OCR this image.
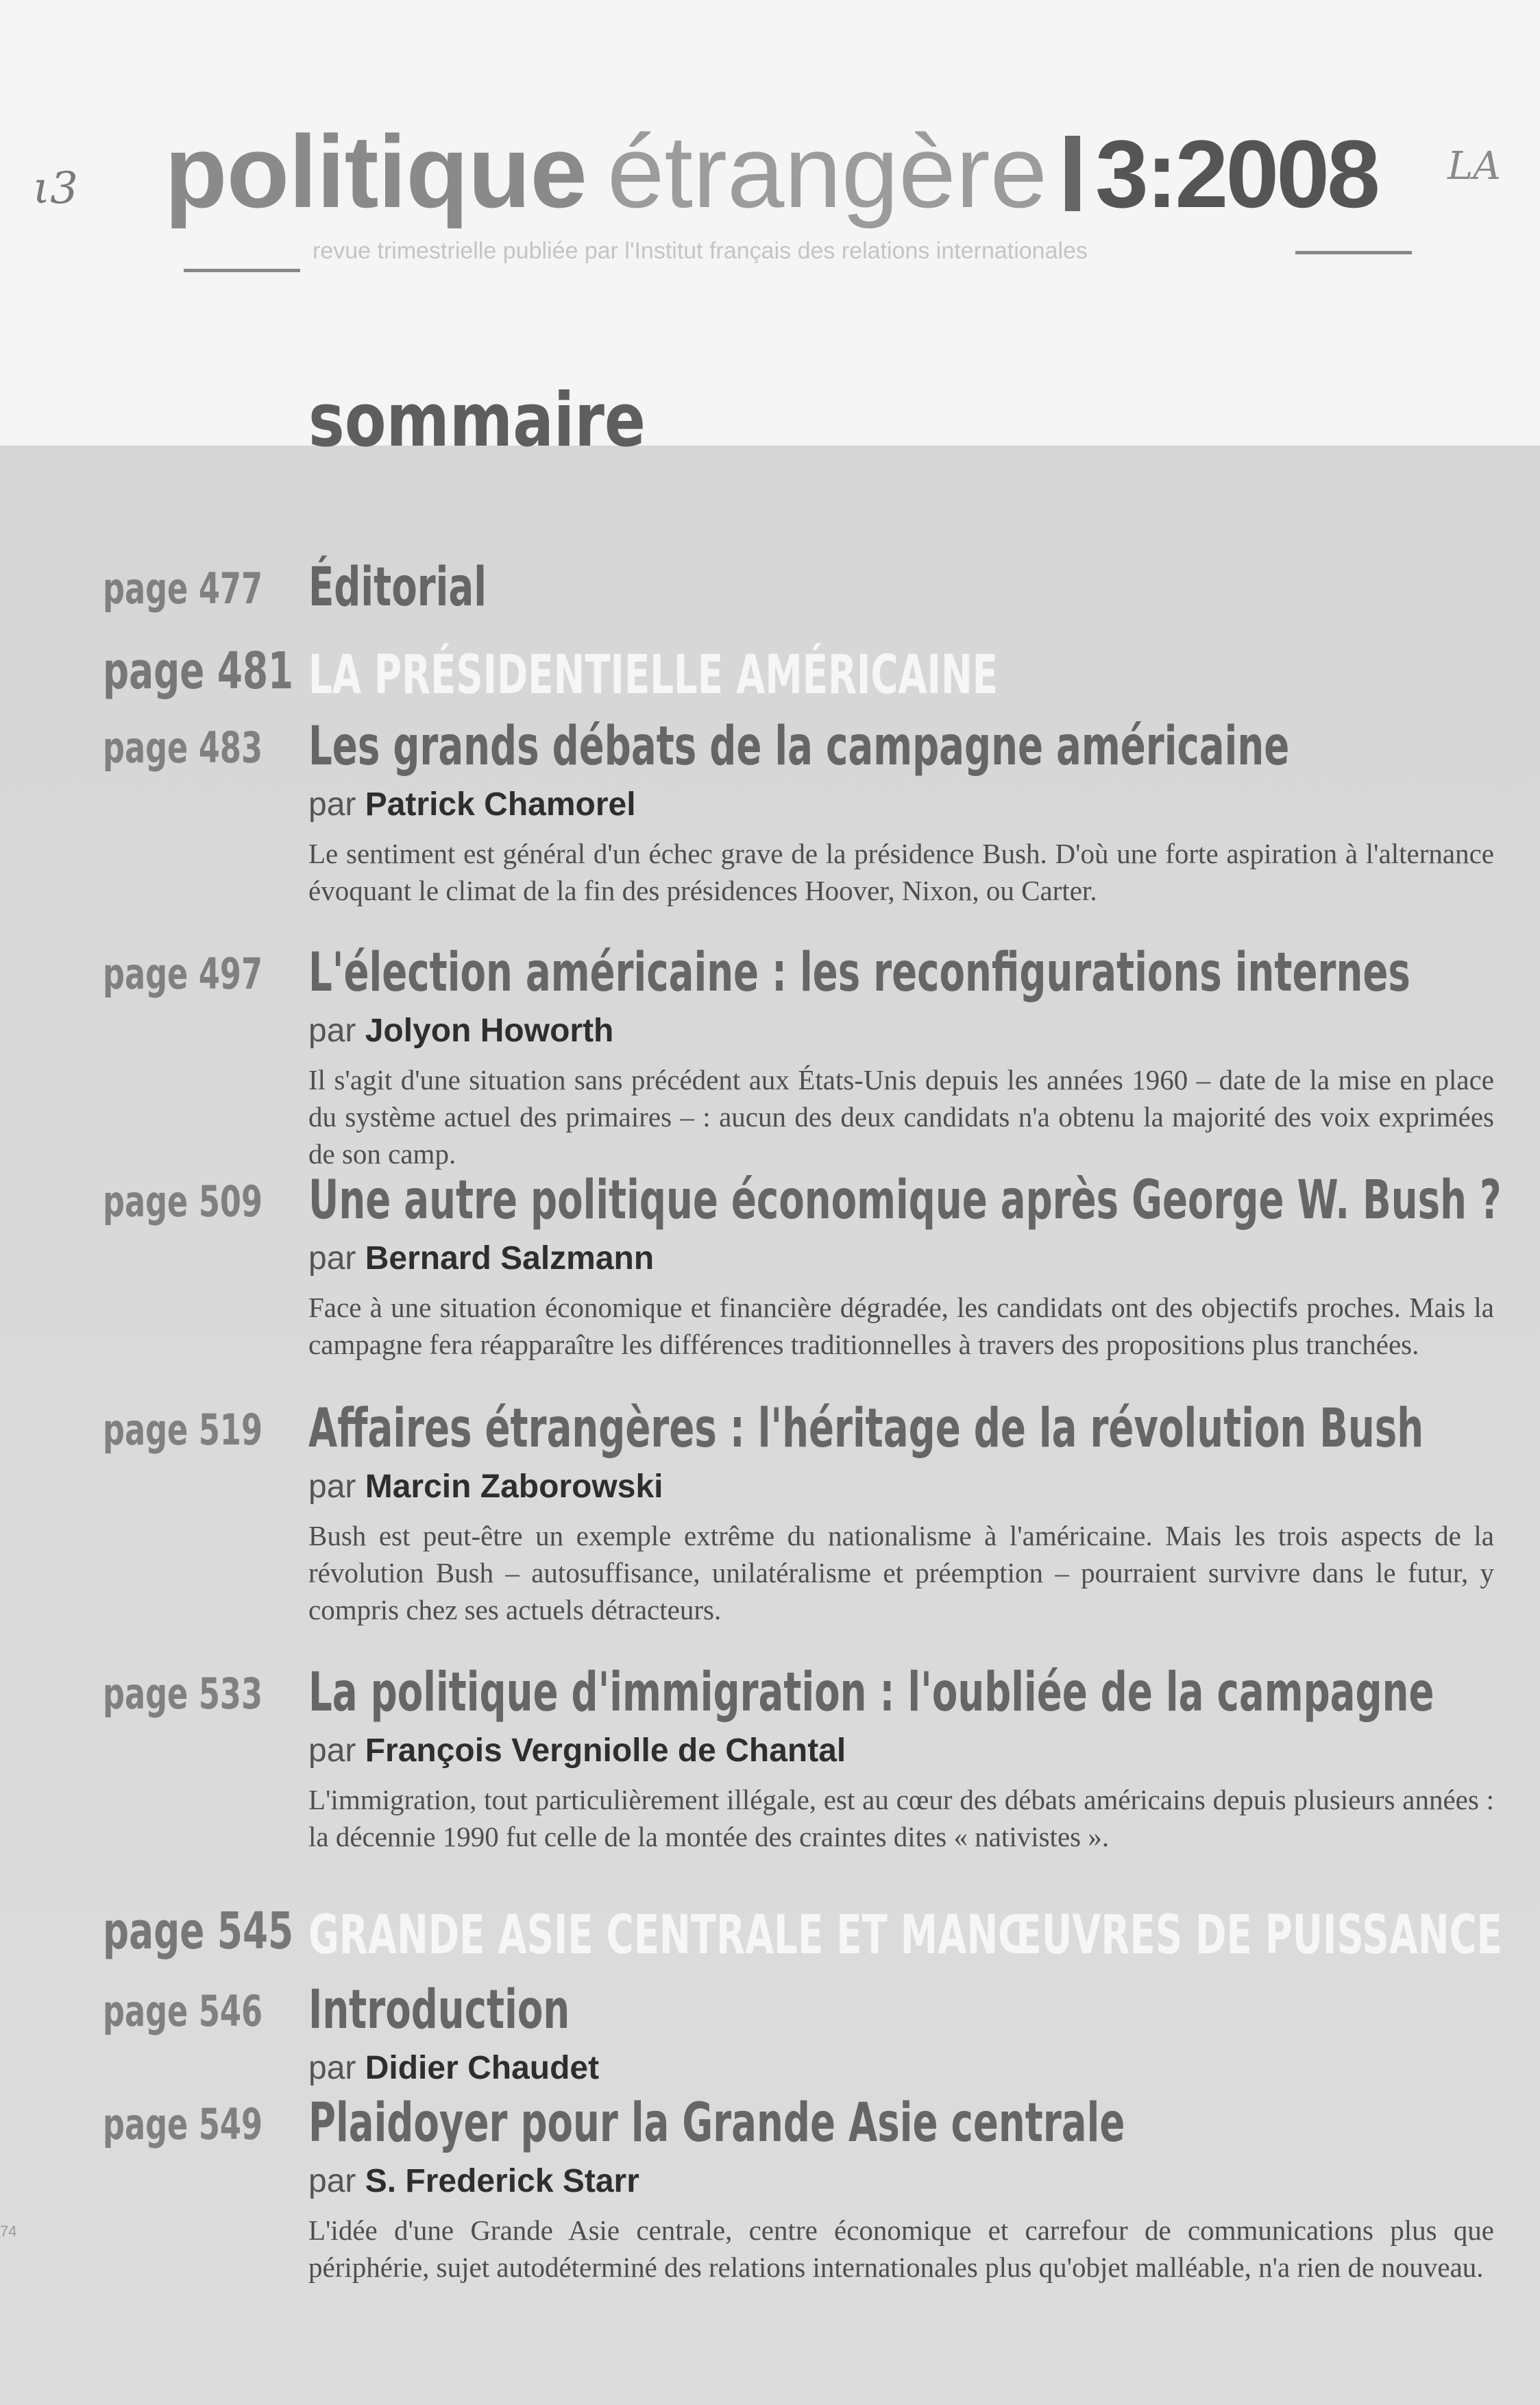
ι3 politique étrangère 3:2008 LA
revue trimestrielle publiée par l'Institut français des relations internationales
sommaire
page 477 Éditorial
page 481 LA PRÉSIDENTIELLE AMÉRICAINE
page 483 Les grands débats de la campagne américaine
par Patrick Chamorel
Le sentiment est général d'un échec grave de la présidence Bush. D'où une forte aspiration à l'alternance évoquant le climat de la fin des présidences Hoover, Nixon, ou Carter.
page 497 L'élection américaine : les reconfigurations internes
par Jolyon Howorth
Il s'agit d'une situation sans précédent aux États-Unis depuis les années 1960 – date de la mise en place du système actuel des primaires – : aucun des deux candidats n'a obtenu la majorité des voix exprimées de son camp.
page 509 Une autre politique économique après George W. Bush ?
par Bernard Salzmann
Face à une situation économique et financière dégradée, les candidats ont des objectifs proches. Mais la campagne fera réapparaître les différences traditionnelles à travers des propositions plus tranchées.
page 519 Affaires étrangères : l'héritage de la révolution Bush
par Marcin Zaborowski
Bush est peut-être un exemple extrême du nationalisme à l'américaine. Mais les trois aspects de la révolution Bush – autosuffisance, unilatéralisme et préemption – pourraient survivre dans le futur, y compris chez ses actuels détracteurs.
page 533 La politique d'immigration : l'oubliée de la campagne
par François Vergniolle de Chantal
L'immigration, tout particulièrement illégale, est au cœur des débats américains depuis plusieurs années : la décennie 1990 fut celle de la montée des craintes dites « nativistes ».
page 545 GRANDE ASIE CENTRALE ET MANŒUVRES DE PUISSANCE
page 546 Introduction
par Didier Chaudet
page 549 Plaidoyer pour la Grande Asie centrale
par S. Frederick Starr
L'idée d'une Grande Asie centrale, centre économique et carrefour de communications plus que périphérie, sujet autodéterminé des relations internationales plus qu'objet malléable, n'a rien de nouveau.
74
